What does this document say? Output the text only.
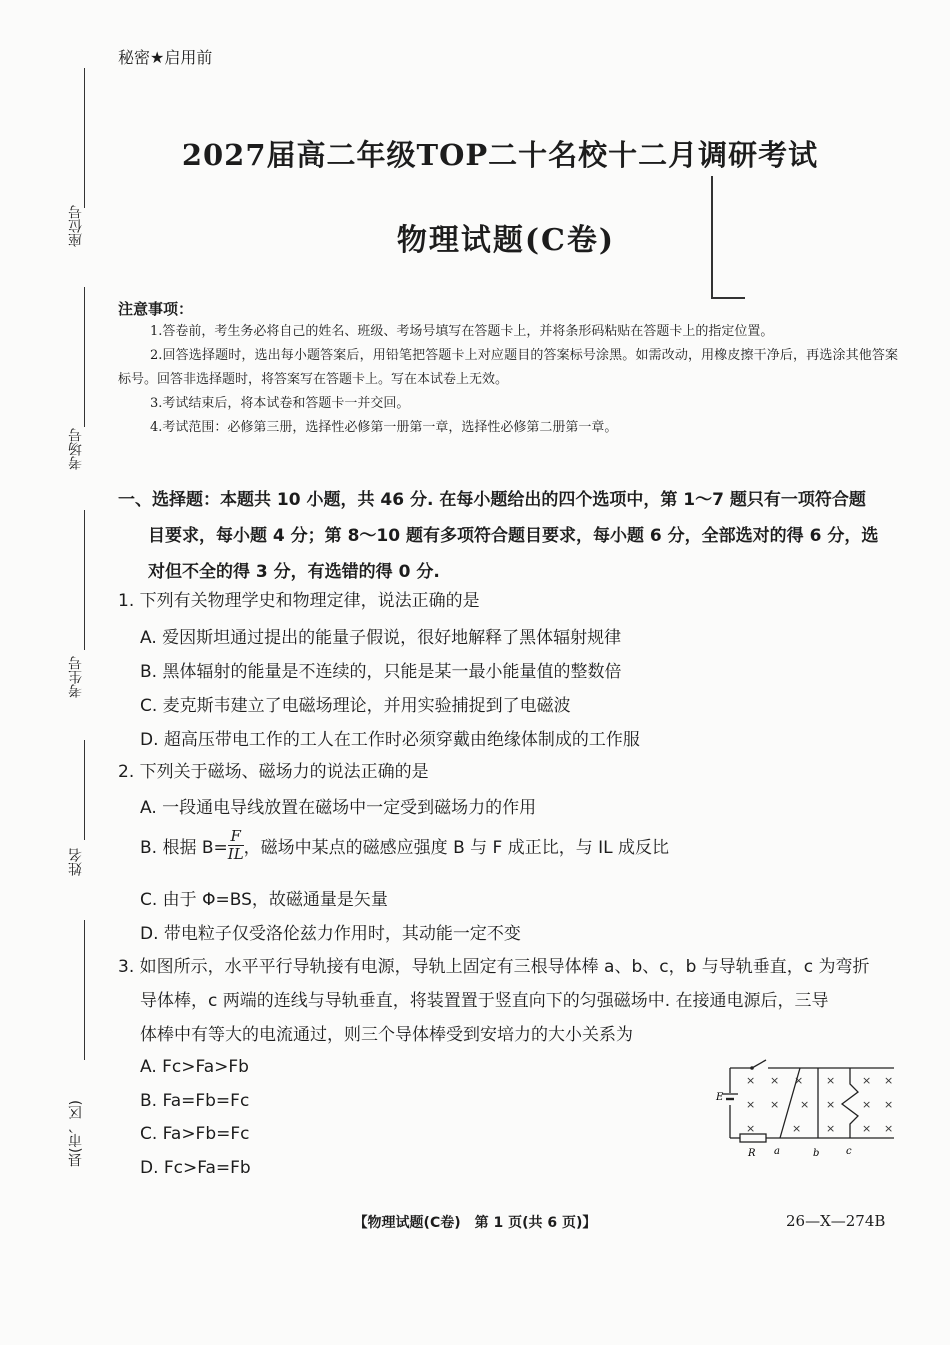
秘密★启用前
2027届高二年级TOP二十名校十二月调研考试
物理试题(C卷)
座位号
考场号
考生号
姓名
县(市、区)
注意事项：

1.答卷前，考生务必将自己的姓名、班级、考场号填写在答题卡上，并将条形码粘贴在答题卡上的指定位置。

2.回答选择题时，选出每小题答案后，用铅笔把答题卡上对应题目的答案标号涂黑。如需改动，用橡皮擦干净后，再选涂其他答案标号。回答非选择题时，将答案写在答题卡上。写在本试卷上无效。

3.考试结束后，将本试卷和答题卡一并交回。

4.考试范围：必修第三册，选择性必修第一册第一章，选择性必修第二册第一章。

一、选择题：本题共 10 小题，共 46 分. 在每小题给出的四个选项中，第 1～7 题只有一项符合题
目要求，每小题 4 分；第 8～10 题有多项符合题目要求，每小题 6 分，全部选对的得 6 分，选
对但不全的得 3 分，有选错的得 0 分.
1. 下列有关物理学史和物理定律，说法正确的是
A. 爱因斯坦通过提出的能量子假说，很好地解释了黑体辐射规律
B. 黑体辐射的能量是不连续的，只能是某一最小能量值的整数倍
C. 麦克斯韦建立了电磁场理论，并用实验捕捉到了电磁波
D. 超高压带电工作的工人在工作时必须穿戴由绝缘体制成的工作服
2. 下列关于磁场、磁场力的说法正确的是
A. 一段通电导线放置在磁场中一定受到磁场力的作用
B. 根据 $B= \frac{F}{IL}$ ，磁场中某点的磁感应强度 B 与 F 成正比，与 IL 成反比
C. 由于 Φ=BS，故磁通量是矢量
D. 带电粒子仅受洛伦兹力作用时，其动能一定不变
3. 如图所示，水平平行导轨接有电源，导轨上固定有三根导体棒 a、b、c，b 与导轨垂直，c 为弯折
导体棒，c 两端的连线与导轨垂直，将装置置于竖直向下的匀强磁场中. 在接通电源后，三导
体棒中有等大的电流通过，则三个导体棒受到安培力的大小关系为
A. Fc>Fa>Fb
B. Fa=Fb=Fc
C. Fa>Fb=Fc
D. Fc>Fa=Fb
E
R a	b	c
× × × × × ×
× × × × × ×
×	× × × ×
【物理试题(C卷)　第 1 页(共 6 页)】	26—X—274B
